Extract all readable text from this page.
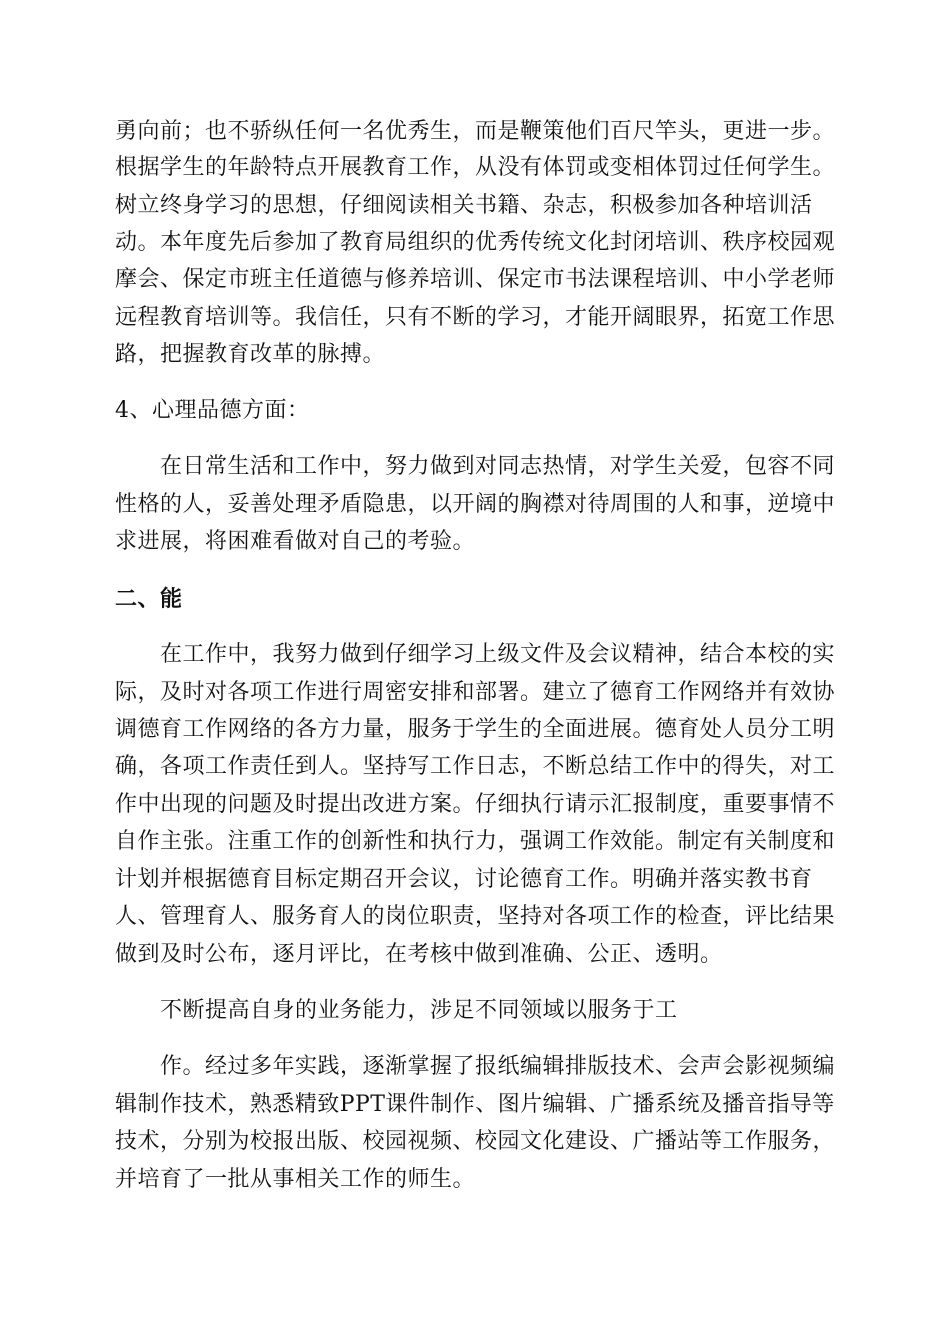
勇向前；也不骄纵任何一名优秀生，而是鞭策他们百尺竿头，更进一步。
根据学生的年龄特点开展教育工作，从没有体罚或变相体罚过任何学生。
树立终身学习的思想，仔细阅读相关书籍、杂志，积极参加各种培训活
动。本年度先后参加了教育局组织的优秀传统文化封闭培训、秩序校园观
摩会、保定市班主任道德与修养培训、保定市书法课程培训、中小学老师
远程教育培训等。我信任，只有不断的学习，才能开阔眼界，拓宽工作思
路，把握教育改革的脉搏。
4、心理品德方面：
在日常生活和工作中，努力做到对同志热情，对学生关爱，包容不同
性格的人，妥善处理矛盾隐患，以开阔的胸襟对待周围的人和事，逆境中
求进展，将困难看做对自己的考验。
二、能
在工作中，我努力做到仔细学习上级文件及会议精神，结合本校的实
际，及时对各项工作进行周密安排和部署。建立了德育工作网络并有效协
调德育工作网络的各方力量，服务于学生的全面进展。德育处人员分工明
确，各项工作责任到人。坚持写工作日志，不断总结工作中的得失，对工
作中出现的问题及时提出改进方案。仔细执行请示汇报制度，重要事情不
自作主张。注重工作的创新性和执行力，强调工作效能。制定有关制度和
计划并根据德育目标定期召开会议，讨论德育工作。明确并落实教书育
人、管理育人、服务育人的岗位职责，坚持对各项工作的检查，评比结果
做到及时公布，逐月评比，在考核中做到准确、公正、透明。
不断提高自身的业务能力，涉足不同领域以服务于工
作。经过多年实践，逐渐掌握了报纸编辑排版技术、会声会影视频编
辑制作技术，熟悉精致PPT课件制作、图片编辑、广播系统及播音指导等
技术，分别为校报出版、校园视频、校园文化建设、广播站等工作服务，
并培育了一批从事相关工作的师生。
